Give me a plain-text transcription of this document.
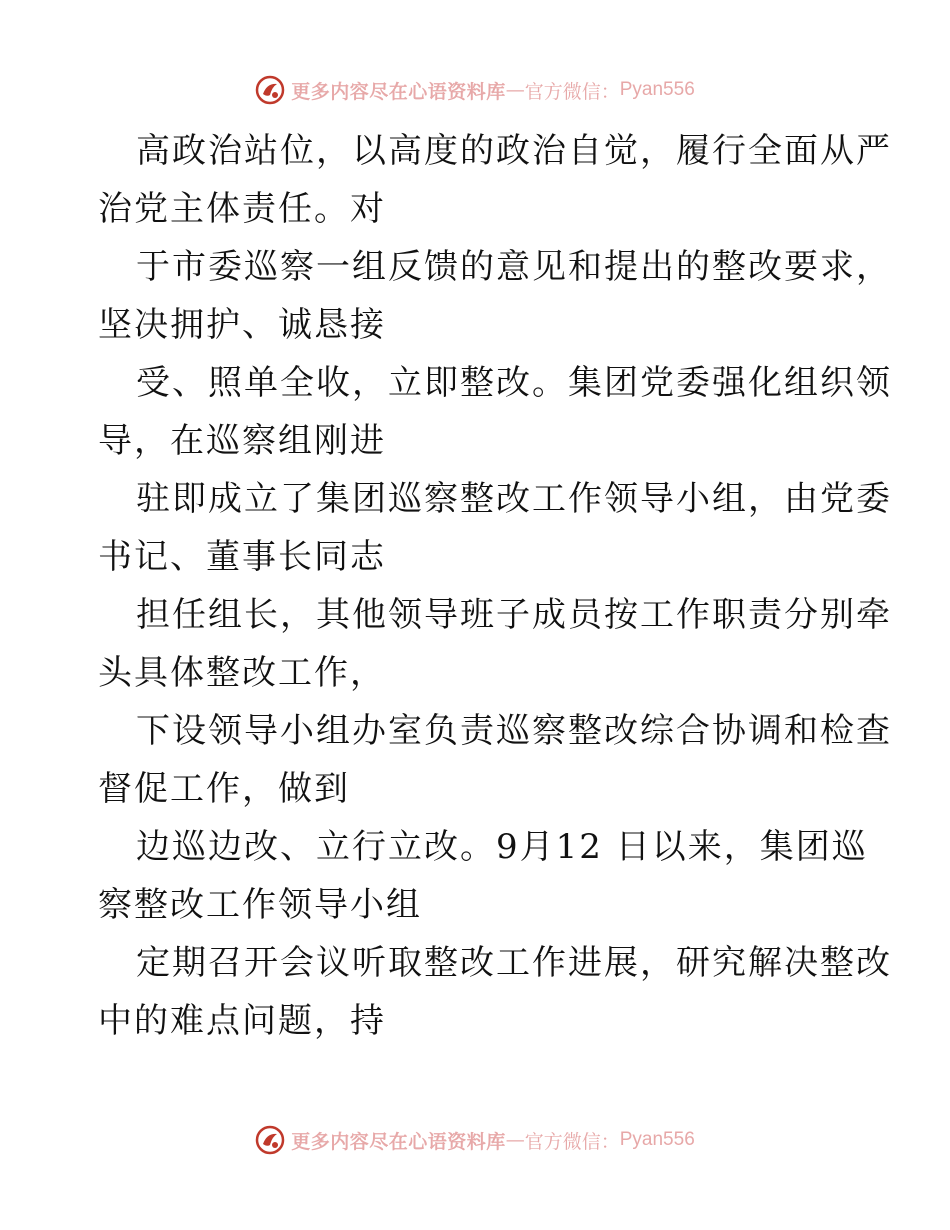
更多内容尽在心语资料库 — 官方微信： Pyan556
高政治站位，以高度的政治自觉，履行全面从严
治党主体责任。对
于市委巡察一组反馈的意见和提出的整改要求，
坚决拥护、诚恳接
受、照单全收，立即整改。集团党委强化组织领
导，在巡察组刚进
驻即成立了集团巡察整改工作领导小组，由党委
书记、董事长同志
担任组长，其他领导班子成员按工作职责分别牵
头具体整改工作，
下设领导小组办室负责巡察整改综合协调和检查
督促工作，做到
边巡边改、立行立改。9月12 日以来，集团巡
察整改工作领导小组
定期召开会议听取整改工作进展，研究解决整改
中的难点问题，持
更多内容尽在心语资料库 — 官方微信： Pyan556
